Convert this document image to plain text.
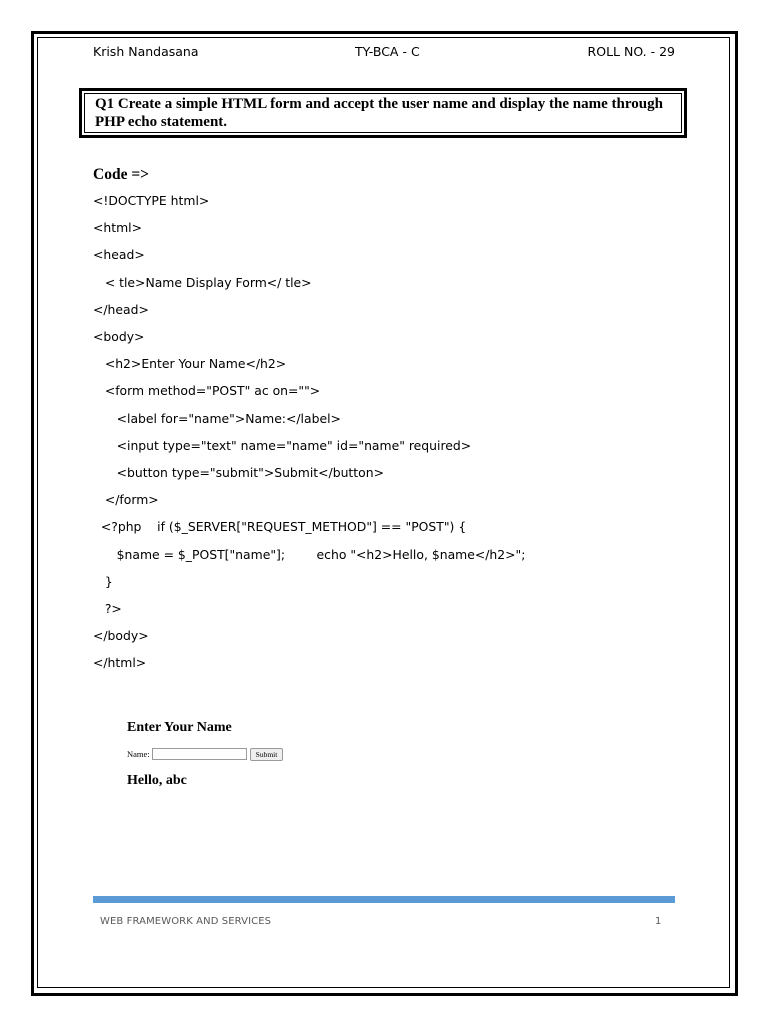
Krish Nandasana	TY-BCA - C	ROLL NO. - 29
Q1 Create a simple HTML form and accept the user name and display the name through PHP echo statement.
Code =>
<!DOCTYPE html>
<html>
<head>
< tle>Name Display Form</ tle>
</head>
<body>
<h2>Enter Your Name</h2>
<form method="POST" ac on="">
<label for="name">Name:</label>
<input type="text" name="name" id="name" required>
<button type="submit">Submit</button>
</form>
<?php    if ($_SERVER["REQUEST_METHOD"] == "POST") {
$name = $_POST["name"];        echo "<h2>Hello, $name</h2>";
}
?>
</body>
</html>
Enter Your Name
Name:	Submit
Hello, abc
WEB FRAMEWORK AND SERVICES	1
